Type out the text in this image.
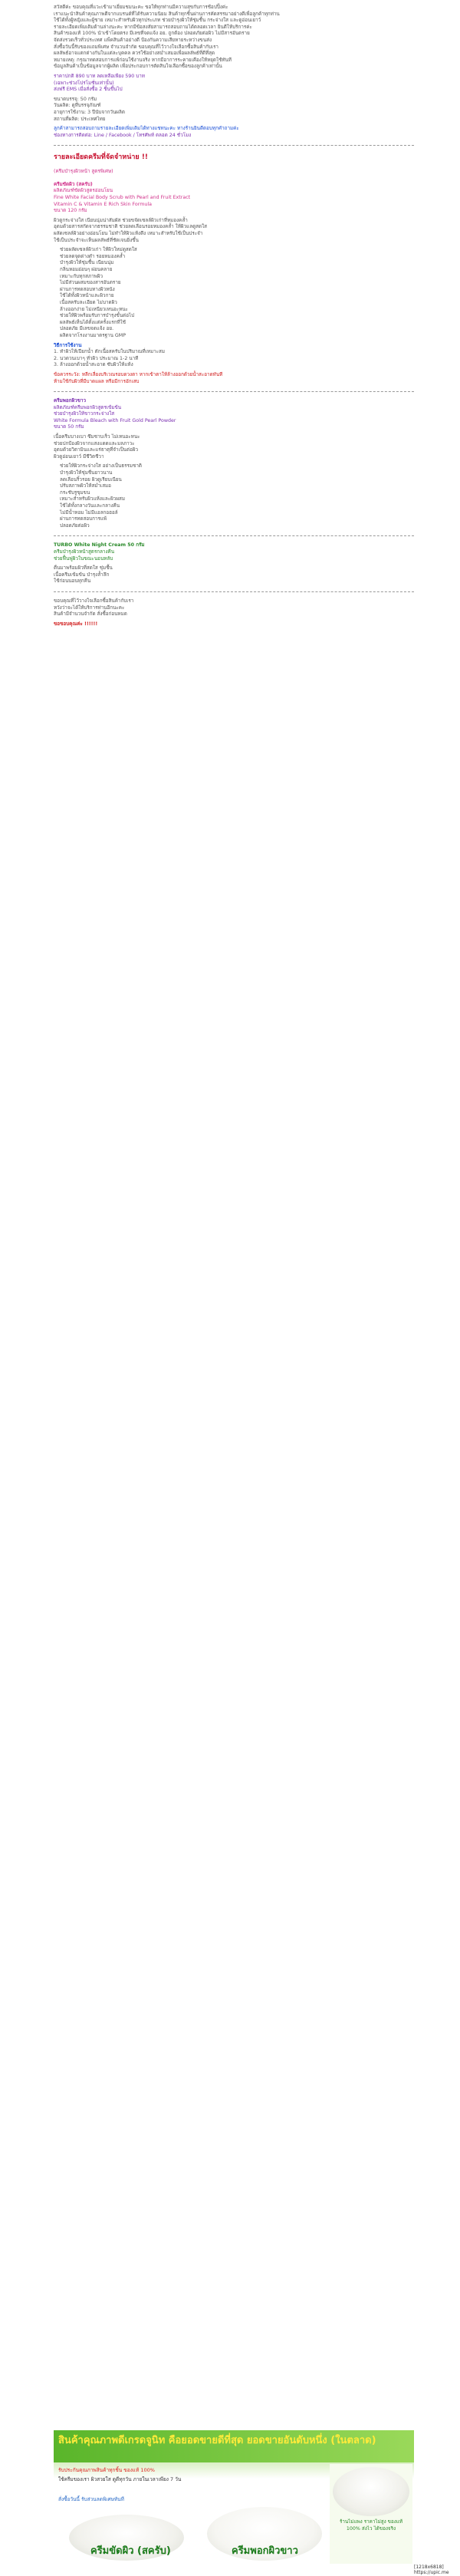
สวัสดีค่ะ ขอบคุณที่แวะเข้ามาเยี่ยมชมนะคะ ขอให้ทุกท่านมีความสุขกับการช้อปปิ้งค่ะ

เราแนะนำสินค้าคุณภาพดีจากแบรนด์ที่ได้รับความนิยม สินค้าทุกชิ้นผ่านการคัดสรรมาอย่างดีเพื่อลูกค้าทุกท่าน

ใช้ได้ทั้งผู้หญิงและผู้ชาย เหมาะสำหรับผิวทุกประเภท ช่วยบำรุงผิวให้ชุ่มชื้น กระจ่างใส และดูอ่อนเยาว์

รายละเอียดเพิ่มเติมด้านล่างนะคะ หากมีข้อสงสัยสามารถสอบถามได้ตลอดเวลา ยินดีให้บริการค่ะ

สินค้าของแท้ 100% นำเข้าโดยตรง มีเลขที่จดแจ้ง อย. ถูกต้อง ปลอดภัยต่อผิว ไม่มีสารอันตราย

จัดส่งรวดเร็วทั่วประเทศ แพ็คสินค้าอย่างดี ป้องกันความเสียหายระหว่างขนส่ง

สั่งซื้อวันนี้รับของแถมพิเศษ จำนวนจำกัด ขอบคุณที่ไว้วางใจเลือกซื้อสินค้ากับเรา

ผลลัพธ์อาจแตกต่างกันในแต่ละบุคคล ควรใช้อย่างสม่ำเสมอเพื่อผลลัพธ์ที่ดีที่สุด

หมายเหตุ: กรุณาทดสอบการแพ้ก่อนใช้งานจริง หากมีอาการระคายเคืองให้หยุดใช้ทันที

ข้อมูลสินค้าเป็นข้อมูลจากผู้ผลิต เพื่อประกอบการตัดสินใจเลือกซื้อของลูกค้าเท่านั้น

ราคาปกติ 890 บาท ลดเหลือเพียง 590 บาท

(เฉพาะช่วงโปรโมชั่นเท่านั้น)

ส่งฟรี EMS เมื่อสั่งซื้อ 2 ชิ้นขึ้นไป

ขนาดบรรจุ: 50 กรัม

วันผลิต: ดูที่บรรจุภัณฑ์

อายุการใช้งาน: 3 ปีนับจากวันผลิต

สถานที่ผลิต: ประเทศไทย

ลูกค้าสามารถสอบถามรายละเอียดเพิ่มเติมได้ทางแชทนะคะ ทางร้านยินดีตอบทุกคำถามค่ะ

ช่องทางการติดต่อ: Line / Facebook / โทรศัพท์ ตลอด 24 ชั่วโมง

รายละเอียดครีมที่จัดจำหน่าย !!

(ครีมบำรุงผิวหน้า สูตรพิเศษ)

ครีมขัดผิว (สครับ)

ผลิตภัณฑ์ขัดผิวสูตรอ่อนโยน

Fine White Facial Body Scrub with Pearl and Fruit Extract

Vitamin C & Vitamin E Rich Skin Formula

ขนาด 120 กรัม

ผิวดูกระจ่างใส เนียนนุ่มน่าสัมผัส ช่วยขจัดเซลล์ผิวเก่าที่หมองคล้ำ

อุดมด้วยสารสกัดจากธรรมชาติ ช่วยลดเลือนรอยหมองคล้ำ ให้ผิวแลดูสดใส

ผลัดเซลล์ผิวอย่างอ่อนโยน ไม่ทำให้ผิวแห้งตึง เหมาะสำหรับใช้เป็นประจำ

ใช้เป็นประจำจะเห็นผลลัพธ์ที่ชัดเจนยิ่งขึ้น

ช่วยผลัดเซลล์ผิวเก่า ให้ผิวใหม่ดูสดใส
ช่วยลดจุดด่างดำ รอยหมองคล้ำ
บำรุงผิวให้ชุ่มชื้น เนียนนุ่ม
กลิ่นหอมอ่อนๆ ผ่อนคลาย
เหมาะกับทุกสภาพผิว
ไม่มีส่วนผสมของสารอันตราย
ผ่านการทดสอบทางผิวหนัง
ใช้ได้ทั้งผิวหน้าและผิวกาย
เนื้อสครับละเอียด ไม่บาดผิว
ล้างออกง่าย ไม่เหนียวเหนอะหนะ
ช่วยให้ผิวพร้อมรับการบำรุงขั้นต่อไป
ผลลัพธ์เห็นได้ตั้งแต่ครั้งแรกที่ใช้
ปลอดภัย มีเลขจดแจ้ง อย.
ผลิตจากโรงงานมาตรฐาน GMP

วิธีการใช้งาน

1. ทำผิวให้เปียกน้ำ ตักเนื้อสครับในปริมาณที่เหมาะสม

2. นวดวนเบาๆ ทั่วผิว ประมาณ 1-2 นาที

3. ล้างออกด้วยน้ำสะอาด ซับผิวให้แห้ง

ข้อควรระวัง: หลีกเลี่ยงบริเวณรอบดวงตา หากเข้าตาให้ล้างออกด้วยน้ำสะอาดทันที

ห้ามใช้กับผิวที่มีบาดแผล หรือมีการอักเสบ

ครีมพอกผิวขาว

ผลิตภัณฑ์ครีมพอกผิวสูตรเข้มข้น

ช่วยบำรุงผิวให้ขาวกระจ่างใส

White Formula Bleach with Fruit Gold Pearl Powder

ขนาด 50 กรัม

เนื้อครีมบางเบา ซึมซาบเร็ว ไม่เหนอะหนะ

ช่วยปกป้องผิวจากแสงแดดและมลภาวะ

อุดมด้วยวิตามินและแร่ธาตุที่จำเป็นต่อผิว

ผิวดูอ่อนเยาว์ มีชีวิตชีวา

ช่วยให้ผิวกระจ่างใส อย่างเป็นธรรมชาติ
บำรุงผิวให้ชุ่มชื่นยาวนาน
ลดเลือนริ้วรอย ผิวดูเรียบเนียน
ปรับสภาพผิวให้สม่ำเสมอ
กระชับรูขุมขน
เหมาะสำหรับผิวแห้งและผิวผสม
ใช้ได้ทั้งกลางวันและกลางคืน
ไม่มีน้ำหอม ไม่มีแอลกอฮอล์
ผ่านการทดสอบการแพ้
ปลอดภัยต่อผิว

TURBO White Night Cream 50 กรัม

ครีมบำรุงผิวหน้าสูตรกลางคืน

ช่วยฟื้นฟูผิวในขณะนอนหลับ

ตื่นมาพร้อมผิวที่สดใส ชุ่มชื้น

เนื้อครีมเข้มข้น บำรุงล้ำลึก

ใช้ก่อนนอนทุกคืน

ขอบคุณที่ไว้วางใจเลือกซื้อสินค้ากับเรา

หวังว่าจะได้ให้บริการท่านอีกนะคะ

สินค้ามีจำนวนจำกัด สั่งซื้อก่อนหมด

ขอขอบคุณค่ะ !!!!!!

สินค้าคุณภาพดีเกรดจูนิท คือยอดขายดีที่สุด ยอดขายอันดับหนึ่ง (ในตลาด)
รับประกันคุณภาพสินค้าทุกชิ้น ของแท้ 100%
ใช้ครีมของเรา ผิวสวยใส ดูดีทุกวัน ภายในเวลาเพียง 7 วัน
สั่งซื้อวันนี้ รับส่วนลดพิเศษทันที
ครีมขัดผิว (สครับ)	ครีมพอกผิวขาว
ร้านไม่แพง ราคาไม่สูง ของแท้ 100% ส่งไว ได้ของจริง
[1218x6818] https://upic.me
